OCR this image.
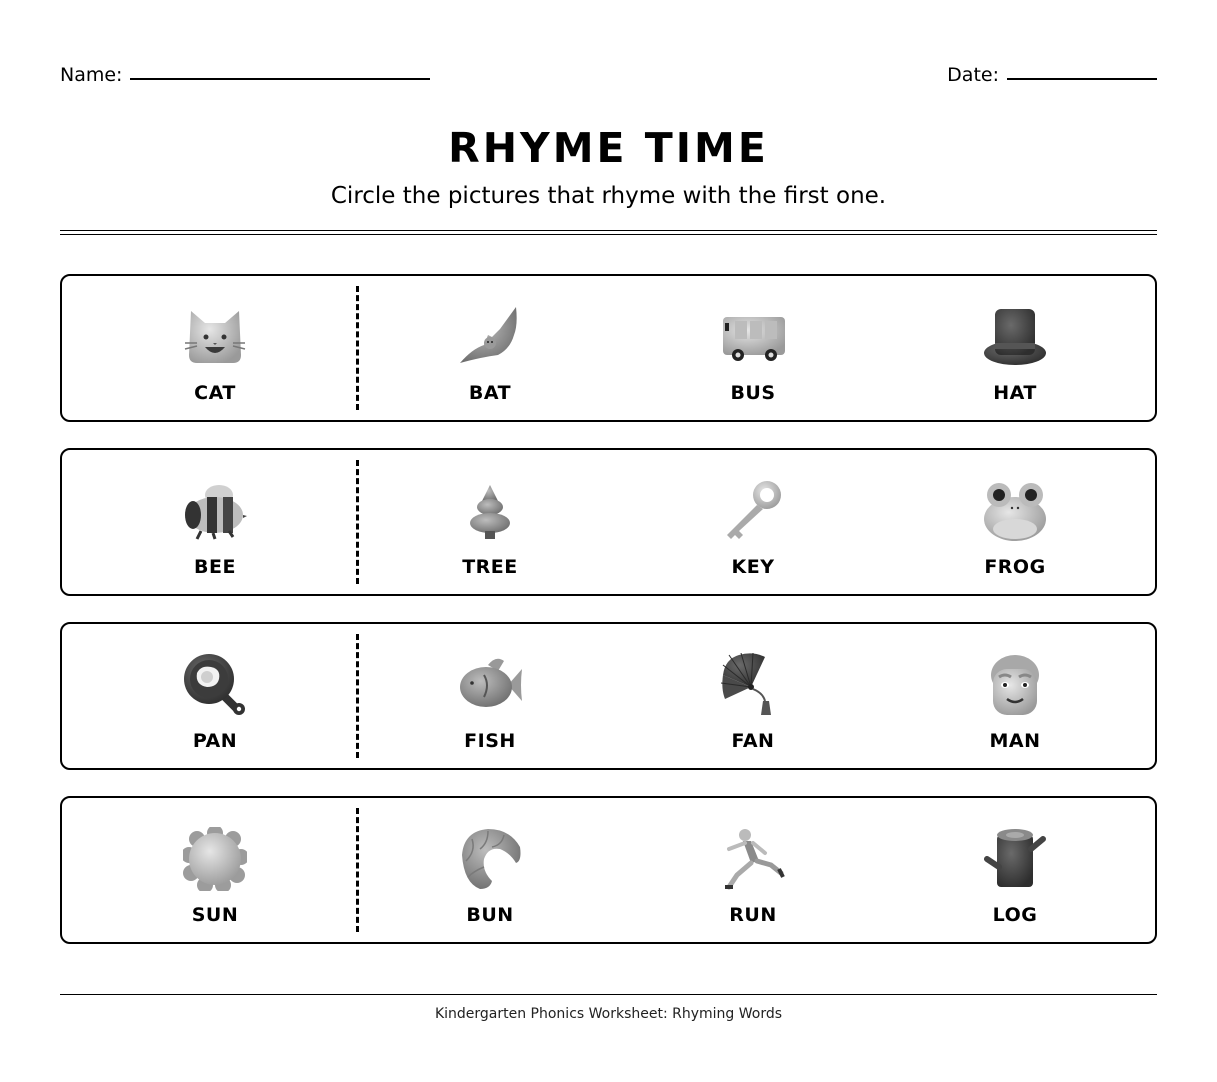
Name:	Date:
RHYME TIME
Circle the pictures that rhyme with the first one.
CAT	BAT	BUS	HAT
BEE	TREE	KEY	FROG
PAN	FISH	FAN	MAN
SUN	BUN	RUN	LOG
Kindergarten Phonics Worksheet: Rhyming Words
